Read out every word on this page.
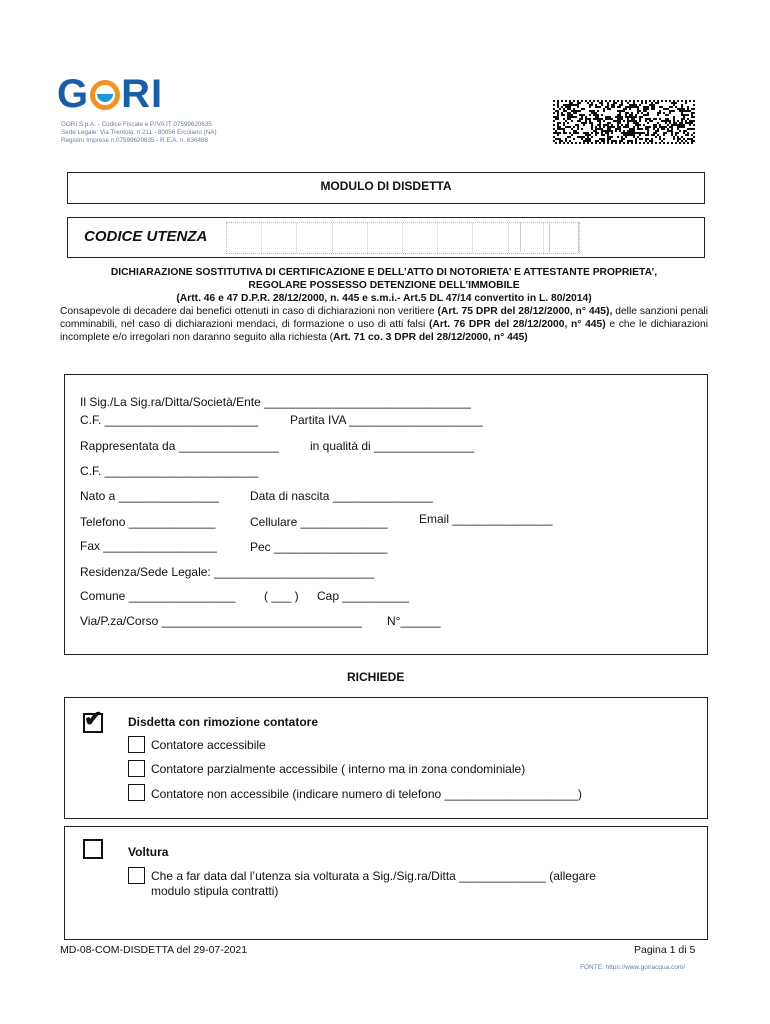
G RI
GORI S.p.A. - Codice Fiscale e P.IVA IT 07599620635
Sede Legale: Via Trentola, n.211 - 80056 Ercolano (NA)
Registro Imprese n.07599620635 - R.E.A. n. 636488
MODULO DI DISDETTA
CODICE UTENZA
DICHIARAZIONE SOSTITUTIVA DI CERTIFICAZIONE E DELL’ATTO DI NOTORIETA’ E ATTESTANTE PROPRIETA’,
REGOLARE POSSESSO DETENZIONE DELL’IMMOBILE
(Artt. 46 e 47 D.P.R. 28/12/2000, n. 445 e s.m.i.- Art.5 DL 47/14 convertito in L. 80/2014)
Consapevole di decadere dai benefici ottenuti in caso di dichiarazioni non veritiere (Art. 75 DPR del 28/12/2000, n° 445), delle sanzioni penali comminabili, nel caso di dichiarazioni mendaci, di formazione o uso di atti falsi (Art. 76 DPR del 28/12/2000, n° 445) e che le dichiarazioni incomplete e/o irregolari non daranno seguito alla richiesta (Art. 71 co. 3 DPR del 28/12/2000, n° 445)
Il Sig./La Sig.ra/Ditta/Società/Ente _______________________________
C.F. _______________________	Partita IVA ____________________
Rappresentata da _______________	in qualità di _______________
C.F. _______________________
Nato a _______________	Data di nascita _______________
Telefono _____________	Cellulare _____________	Email _______________
Fax _________________	Pec _________________
Residenza/Sede Legale: ________________________
Comune ________________ ( ___ ) Cap __________
Via/P.za/Corso ______________________________ N°______
RICHIEDE
✔ Disdetta con rimozione contatore
Contatore accessibile
Contatore parzialmente accessibile ( interno ma in zona condominiale)
Contatore non accessibile (indicare numero di telefono ____________________)
Voltura
Che a far data dal l’utenza sia volturata a Sig./Sig.ra/Ditta _____________ (allegare
modulo stipula contratti)
MD-08-COM-DISDETTA del 29-07-2021	Pagina 1 di 5
FONTE: https://www.goriacqua.com/
